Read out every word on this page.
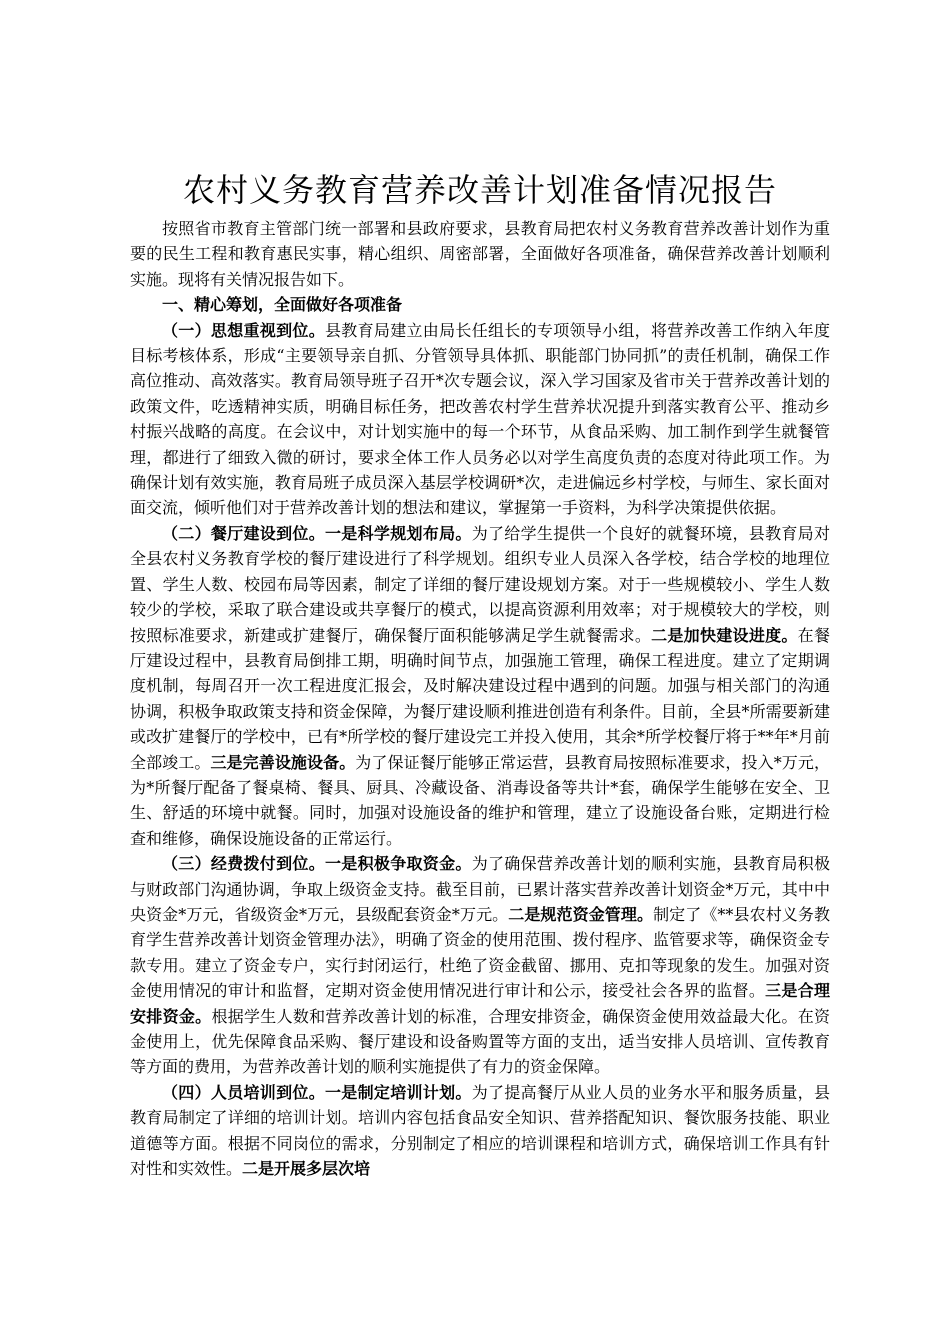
农村义务教育营养改善计划准备情况报告

按照省市教育主管部门统一部署和县政府要求，县教育局把农村义务教育营养改善计划作为重要的民生工程和教育惠民实事，精心组织、周密部署，全面做好各项准备，确保营养改善计划顺利实施。现将有关情况报告如下。

一、精心筹划，全面做好各项准备

（一）思想重视到位。县教育局建立由局长任组长的专项领导小组，将营养改善工作纳入年度目标考核体系，形成“主要领导亲自抓、分管领导具体抓、职能部门协同抓”的责任机制，确保工作高位推动、高效落实。教育局领导班子召开*次专题会议，深入学习国家及省市关于营养改善计划的政策文件，吃透精神实质，明确目标任务，把改善农村学生营养状况提升到落实教育公平、推动乡村振兴战略的高度。在会议中，对计划实施中的每一个环节，从食品采购、加工制作到学生就餐管理，都进行了细致入微的研讨，要求全体工作人员务必以对学生高度负责的态度对待此项工作。为确保计划有效实施，教育局班子成员深入基层学校调研*次，走进偏远乡村学校，与师生、家长面对面交流，倾听他们对于营养改善计划的想法和建议，掌握第一手资料，为科学决策提供依据。

（二）餐厅建设到位。一是科学规划布局。为了给学生提供一个良好的就餐环境，县教育局对全县农村义务教育学校的餐厅建设进行了科学规划。组织专业人员深入各学校，结合学校的地理位置、学生人数、校园布局等因素，制定了详细的餐厅建设规划方案。对于一些规模较小、学生人数较少的学校，采取了联合建设或共享餐厅的模式，以提高资源利用效率；对于规模较大的学校，则按照标准要求，新建或扩建餐厅，确保餐厅面积能够满足学生就餐需求。二是加快建设进度。在餐厅建设过程中，县教育局倒排工期，明确时间节点，加强施工管理，确保工程进度。建立了定期调度机制，每周召开一次工程进度汇报会，及时解决建设过程中遇到的问题。加强与相关部门的沟通协调，积极争取政策支持和资金保障，为餐厅建设顺利推进创造有利条件。目前，全县*所需要新建或改扩建餐厅的学校中，已有*所学校的餐厅建设完工并投入使用，其余*所学校餐厅将于**年*月前全部竣工。三是完善设施设备。为了保证餐厅能够正常运营，县教育局按照标准要求，投入*万元，为*所餐厅配备了餐桌椅、餐具、厨具、冷藏设备、消毒设备等共计*套，确保学生能够在安全、卫生、舒适的环境中就餐。同时，加强对设施设备的维护和管理，建立了设施设备台账，定期进行检查和维修，确保设施设备的正常运行。

（三）经费拨付到位。一是积极争取资金。为了确保营养改善计划的顺利实施，县教育局积极与财政部门沟通协调，争取上级资金支持。截至目前，已累计落实营养改善计划资金*万元，其中中央资金*万元，省级资金*万元，县级配套资金*万元。二是规范资金管理。制定了《**县农村义务教育学生营养改善计划资金管理办法》，明确了资金的使用范围、拨付程序、监管要求等，确保资金专款专用。建立了资金专户，实行封闭运行，杜绝了资金截留、挪用、克扣等现象的发生。加强对资金使用情况的审计和监督，定期对资金使用情况进行审计和公示，接受社会各界的监督。三是合理安排资金。根据学生人数和营养改善计划的标准，合理安排资金，确保资金使用效益最大化。在资金使用上，优先保障食品采购、餐厅建设和设备购置等方面的支出，适当安排人员培训、宣传教育等方面的费用，为营养改善计划的顺利实施提供了有力的资金保障。

（四）人员培训到位。一是制定培训计划。为了提高餐厅从业人员的业务水平和服务质量，县教育局制定了详细的培训计划。培训内容包括食品安全知识、营养搭配知识、餐饮服务技能、职业道德等方面。根据不同岗位的需求，分别制定了相应的培训课程和培训方式，确保培训工作具有针对性和实效性。二是开展多层次培
